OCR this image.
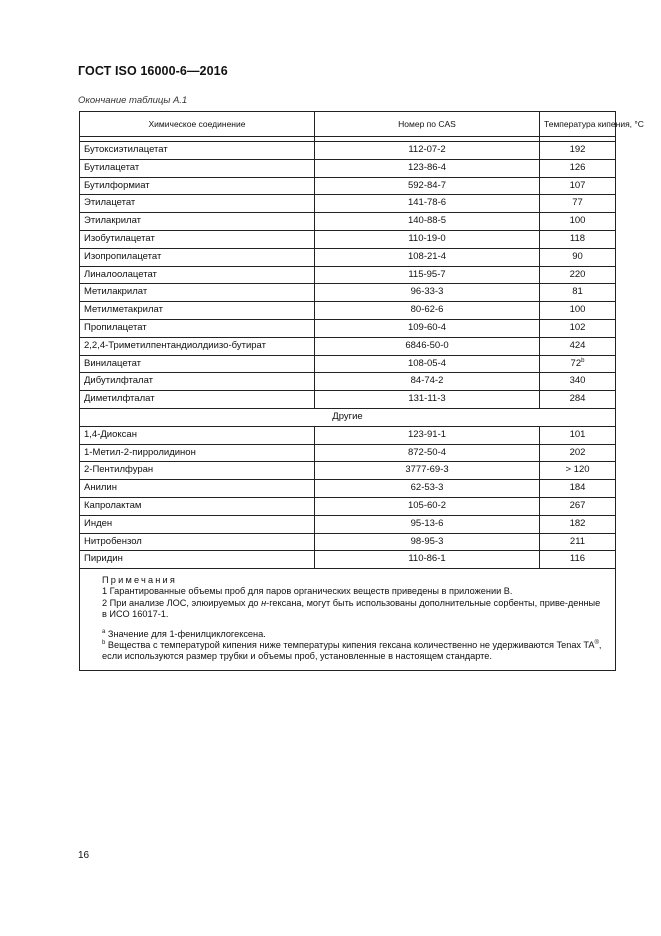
ГОСТ ISO 16000-6—2016
Окончание таблицы А.1
Химическое соединение	Номер по CAS	Температура кипения, °С

Бутоксиэтилацетат	112-07-2	192
Бутилацетат	123-86-4	126
Бутилформиат	592-84-7	107
Этилацетат	141-78-6	77
Этилакрилат	140-88-5	100
Изобутилацетат	110-19-0	118
Изопропилацетат	108-21-4	90
Линалоолацетат	115-95-7	220
Метилакрилат	96-33-3	81
Метилметакрилат	80-62-6	100
Пропилацетат	109-60-4	102
2,2,4-Триметилпентандиолдиизо-бутират	6846-50-0	424
Винилацетат	108-05-4	72$^b$
Дибутилфталат	84-74-2	340
Диметилфталат	131-11-3	284
Другие		
1,4-Диоксан	123-91-1	101
1-Метил-2-пирролидинон	872-50-4	202
2-Пентилфуран	3777-69-3	> 120
Анилин	62-53-3	184
Капролактам	105-60-2	267
Инден	95-13-6	182
Нитробензол	98-95-3	211
Пиридин	110-86-1	116

Примечания

1 Гарантированные объемы проб для паров органических веществ приведены в приложении В.

2 При анализе ЛОС, элюируемых до н-гексана, могут быть использованы дополнительные сорбенты, приве-денные в ИСО 16017-1.

$^a$ Значение для 1-фенилциклогексена.

$^b$ Вещества с температурой кипения ниже температуры кипения гексана количественно не удерживаются Tenax TA®, если используются размер трубки и объемы проб, установленные в настоящем стандарте.		

16
